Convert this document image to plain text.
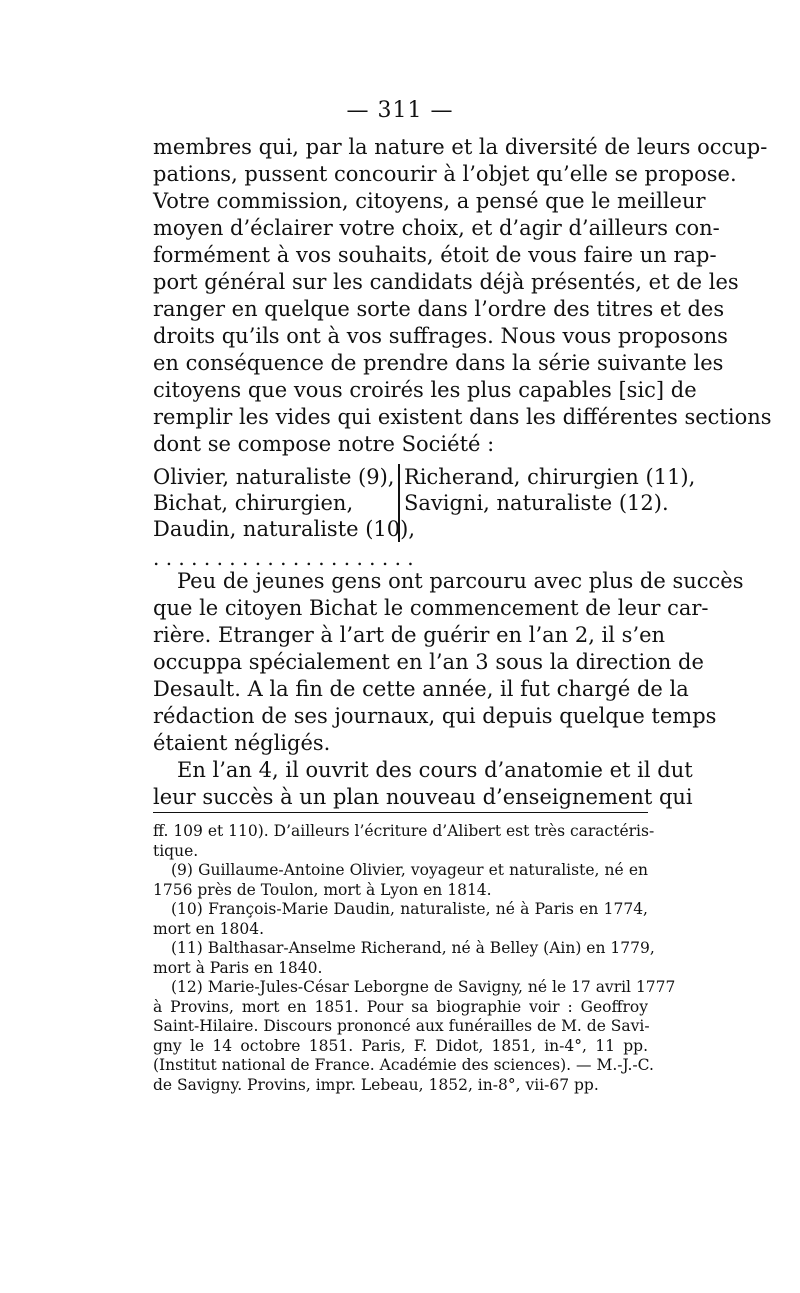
— 311 —
membres qui, par la nature et la diversité de leurs occup-
pations, pussent concourir à l’objet qu’elle se propose.
Votre commission, citoyens, a pensé que le meilleur
moyen d’éclairer votre choix, et d’agir d’ailleurs con-
formément à vos souhaits, étoit de vous faire un rap-
port général sur les candidats déjà présentés, et de les
ranger en quelque sorte dans l’ordre des titres et des
droits qu’ils ont à vos suffrages. Nous vous proposons
en conséquence de prendre dans la série suivante les
citoyens que vous croirés les plus capables [sic] de
remplir les vides qui existent dans les différentes sections
dont se compose notre Société :
Olivier, naturaliste (9),
Bichat, chirurgien,
Daudin, naturaliste (10),
Richerand, chirurgien (11),
Savigni, naturaliste (12).
. . . . . . . . . . . . . . . . . . . . .
Peu de jeunes gens ont parcouru avec plus de succès
que le citoyen Bichat le commencement de leur car-
rière. Etranger à l’art de guérir en l’an 2, il s’en
occuppa spécialement en l’an 3 sous la direction de
Desault. A la fin de cette année, il fut chargé de la
rédaction de ses journaux, qui depuis quelque temps
étaient négligés.
En l’an 4, il ouvrit des cours d’anatomie et il dut
leur succès à un plan nouveau d’enseignement qui
ff. 109 et 110). D’ailleurs l’écriture d’Alibert est très caractéris-
tique.
(9) Guillaume-Antoine Olivier, voyageur et naturaliste, né en
1756 près de Toulon, mort à Lyon en 1814.
(10) François-Marie Daudin, naturaliste, né à Paris en 1774,
mort en 1804.
(11) Balthasar-Anselme Richerand, né à Belley (Ain) en 1779,
mort à Paris en 1840.
(12) Marie-Jules-César Leborgne de Savigny, né le 17 avril 1777
à Provins, mort en 1851. Pour sa biographie voir : Geoffroy
Saint-Hilaire. Discours prononcé aux funérailles de M. de Savi-
gny le 14 octobre 1851. Paris, F. Didot, 1851, in-4°, 11 pp.
(Institut national de France. Académie des sciences). — M.-J.-C.
de Savigny. Provins, impr. Lebeau, 1852, in-8°, vii-67 pp.
